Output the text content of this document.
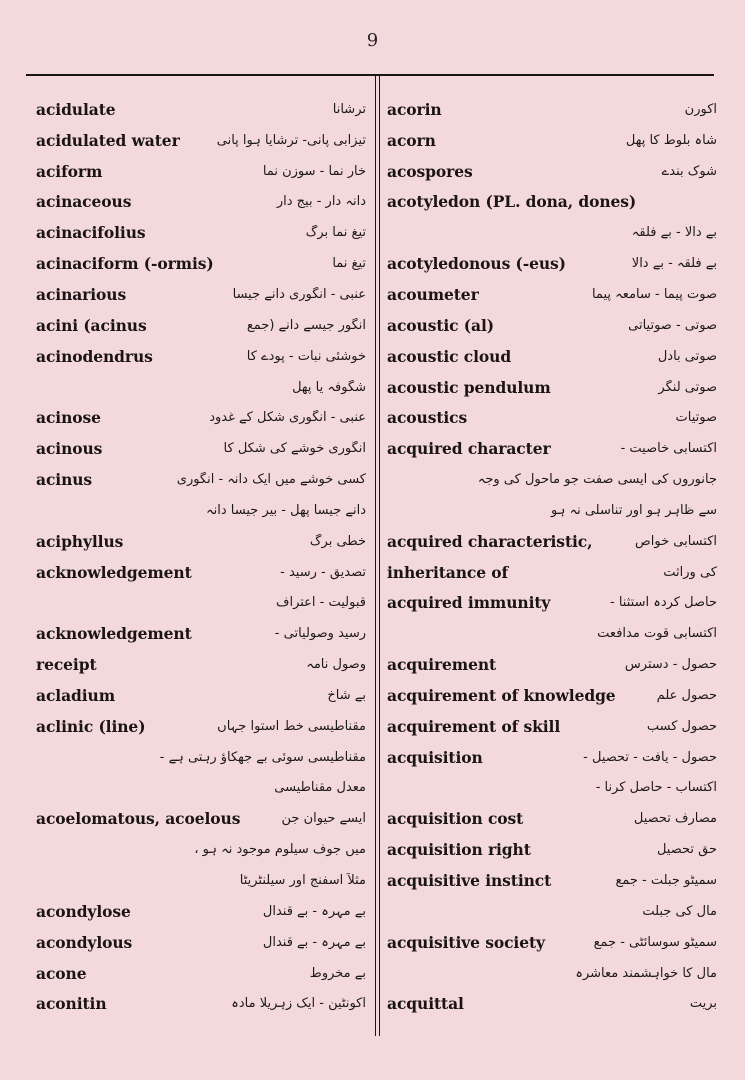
9
acidulate	ترشانا
acidulated water	تیزابی پانی- ترشایا ہوا پانی
aciform	خار نما - سوزن نما
acinaceous	دانہ دار - بیج دار
acinacifolius	تیغ نما برگ
acinaciform (-ormis)	تیغ نما
acinarious	عنبی - انگوری دانے جیسا
acini (acinus	انگور جیسے دانے (جمع
acinodendrus	خوشئی نبات - پودے کا
شگوفہ یا پھل
acinose	عنبی - انگوری شکل کے غدود
acinous	انگوری خوشے کی شکل کا
acinus	کسی خوشے میں ایک دانہ - انگوری
دانے جیسا پھل - بیر جیسا دانہ
aciphyllus	خطی برگ
acknowledgement	تصدیق - رسید -
قبولیت - اعتراف
acknowledgement	رسید وصولیاتی -
receipt	وصول نامہ
acladium	بے شاخ
aclinic (line)	مقناطیسی خط استوا جہاں
مقناطیسی سوئی بے جھکاؤ رہتی ہے -
معدل مقناطیسی
acoelomatous, acoelous	ایسے حیوان جن
میں جوف سیلوم موجود نہ ہو ،
مثلاً اسفنج اور سیلنٹریٹا
acondylose	بے مہرہ - بے قندال
acondylous	بے مہرہ - بے قندال
acone	بے مخروط
aconitin	اکونٹین - ایک زہریلا مادہ
acorin	اکورن
acorn	شاہ بلوط کا پھل
acospores	شوک بندے
acotyledon (PL. dona, dones)
بے دالا - بے فلقہ
acotyledonous (-eus)	بے فلقہ - بے دالا
acoumeter	صوت پیما - سامعہ پیما
acoustic (al)	صوتی - صوتیاتی
acoustic cloud	صوتی بادل
acoustic pendulum	صوتی لنگر
acoustics	صوتیات
acquired character	اکتسابی خاصیت -
جانوروں کی ایسی صفت جو ماحول کی وجہ
سے ظاہر ہو اور تناسلی نہ ہو
acquired characteristic,	اکتسابی خواص
inheritance of	کی وراثت
acquired immunity	حاصل کردہ استثنا -
اکتسابی قوت مدافعت
acquirement	حصول - دسترس
acquirement of knowledge	حصول علم
acquirement of skill	حصول کسب
acquisition	حصول - یافت - تحصیل -
اکتساب - حاصل کرنا -
acquisition cost	مصارف تحصیل
acquisition right	حق تحصیل
acquisitive instinct	سمیٹو جبلت - جمع
مال کی جبلت
acquisitive society	سمیٹو سوسائٹی - جمع
مال کا خواہشمند معاشرہ
acquittal	بریت
